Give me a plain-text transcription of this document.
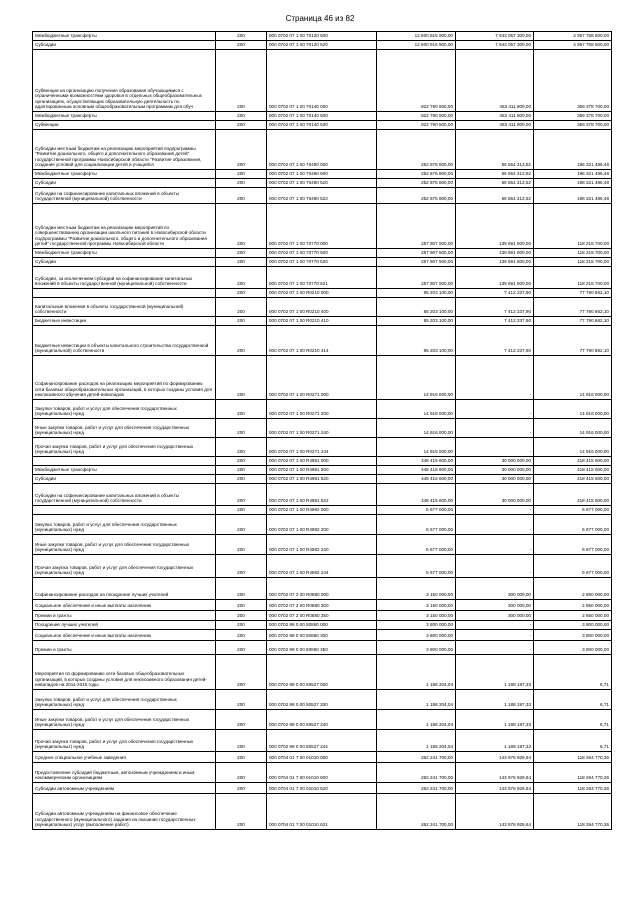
Страница 46 из 82
Межбюджетные трансферты	200	000 0702 07 1 00 70120 500	12 600 915 900,00	7 643 057 300,00	4 957 758 600,00
Субсидии	200	000 0702 07 1 00 70120 520	12 600 915 900,00	7 643 057 300,00	4 957 758 600,00
Субвенции на организацию получения образования обучающимися с ограниченными возможностями здоровья в отдельных общеобразовательных организациях, осуществляющих образовательную деятельность по адаптированным основным общеобразовательным программам для обуч	200	000 0702 07 1 00 70140 000	822 790 500,00	463 411 800,00	359 378 700,00
Межбюджетные трансферты	200	000 0702 07 1 00 70140 500	822 790 500,00	463 411 800,00	359 378 700,00
Субвенции	200	000 0702 07 1 00 70140 530	822 790 500,00	463 411 800,00	359 378 700,00
Субсидии местным бюджетам на реализацию мероприятий подпрограммы "Развитие дошкольного, общего и дополнительного образования детей" государственной программы Новосибирской области "Развитие образования, создание условий для социализации детей и учащейся	200	000 0702 07 1 00 70490 000	252 875 800,00	56 554 313,52	196 321 486,48
Межбюджетные трансферты	200	000 0702 07 1 00 70490 500	252 875 800,00	56 554 313,52	196 321 486,48
Субсидии	200	000 0702 07 1 00 70490 520	252 875 800,00	56 554 313,52	196 321 486,48
Субсидии на софинансирование капитальных вложений в объекты государственной (муниципальной) собственности	200	000 0702 07 1 00 70490 522	252 875 800,00	56 554 313,52	196 321 486,48
Субсидии местным бюджетам на реализацию мероприятий по совершенствованию организации школьного питания в Новосибирской области подпрограммы "Развитие дошкольного, общего и дополнительного образования детей" государственной программы Новосибирской области	200	000 0702 07 1 00 70770 000	257 907 500,00	139 691 800,00	118 215 700,00
Межбюджетные трансферты	200	000 0702 07 1 00 70770 500	257 907 500,00	139 691 800,00	118 215 700,00
Субсидии	200	000 0702 07 1 00 70770 520	257 907 500,00	139 691 800,00	118 215 700,00
Субсидии, за исключением субсидий на софинансирование капитальных вложений в объекты государственной (муниципальной) собственности	200	000 0702 07 1 00 70770 521	257 907 500,00	139 691 800,00	118 215 700,00
	200	000 0702 07 1 00 R0210 000	85 203 100,00	7 412 237,90	77 790 862,10
Капитальные вложения в объекты государственной (муниципальной) собственности	200	000 0702 07 1 00 R0210 400	85 203 100,00	7 412 237,90	77 790 862,10
Бюджетные инвестиции	200	000 0702 07 1 00 R0210 410	85 203 100,00	7 412 237,90	77 790 862,10
Бюджетные инвестиции в объекты капитального строительства государственной (муниципальной) собственности	200	000 0702 07 1 00 R0210 414	85 203 100,00	7 412 237,90	77 790 862,10
Софинансирование расходов на реализацию мероприятий по формированию сети базовых общеобразовательных организаций, в которых созданы условия для инклюзивного обучения детей-инвалидов	200	000 0702 07 1 00 R0271 000	14 916 000,00	-	14 916 000,00
Закупка товаров, работ и услуг для обеспечения государственных (муниципальных) нужд	200	000 0702 07 1 00 R0271 200	14 916 000,00	-	14 916 000,00
Иные закупки товаров, работ и услуг для обеспечения государственных (муниципальных) нужд	200	000 0702 07 1 00 R0271 240	14 916 000,00	-	14 916 000,00
Прочая закупка товаров, работ и услуг для обеспечения государственных (муниципальных) нужд	200	000 0702 07 1 00 R0271 244	14 916 000,00	-	14 916 000,00
	200	000 0702 07 1 00 R4981 000	448 415 600,00	30 000 000,00	418 415 600,00
Межбюджетные трансферты	200	000 0702 07 1 00 R4981 500	448 415 600,00	30 000 000,00	418 415 600,00
Субсидии	200	000 0702 07 1 00 R4981 520	448 415 600,00	30 000 000,00	418 415 600,00
Субсидии на софинансирование капитальных вложений в объекты государственной (муниципальной) собственности	200	000 0702 07 1 00 R4981 522	448 415 600,00	30 000 000,00	418 415 600,00
	200	000 0702 07 1 00 R4982 000	5 677 000,00	-	5 677 000,00
Закупка товаров, работ и услуг для обеспечения государственных (муниципальных) нужд	200	000 0702 07 1 00 R4982 200	5 677 000,00	-	5 677 000,00
Иные закупки товаров, работ и услуг для обеспечения государственных (муниципальных) нужд	200	000 0702 07 1 00 R4982 240	5 677 000,00	-	5 677 000,00
Прочая закупка товаров, работ и услуг для обеспечения государственных (муниципальных) нужд	200	000 0702 07 1 00 R4982 244	5 677 000,00	-	5 677 000,00
Софинансирование расходов на поощрение лучших учителей	200	000 0702 07 2 00 R0880 000	3 150 000,00	300 000,00	2 850 000,00
Социальное обеспечение и иные выплаты населению	200	000 0702 07 2 00 R0880 300	3 150 000,00	300 000,00	2 850 000,00
Премии и гранты	200	000 0702 07 2 00 R0880 350	3 150 000,00	300 000,00	2 850 000,00
Поощрение лучших учителей	200	000 0702 99 0 00 50860 000	3 800 000,00	-	3 800 000,00
Социальное обеспечение и иные выплаты населению	200	000 0702 99 0 00 50860 300	3 800 000,00	-	3 800 000,00
Премии и гранты	200	000 0702 99 0 00 50860 350	3 800 000,00	-	3 800 000,00
Мероприятия по формированию сети базовых общеобразовательных организаций, в которых созданы условия для инклюзивного образования детей-инвалидов на 2011-2015 годы	200	000 0702 99 0 00 50527 000	1 188 204,04	1 188 197,33	6,71
Закупка товаров, работ и услуг для обеспечения государственных (муниципальных) нужд	200	000 0702 99 0 00 50527 200	1 188 204,04	1 188 197,33	6,71
Иные закупки товаров, работ и услуг для обеспечения государственных (муниципальных) нужд	200	000 0702 99 0 00 50527 240	1 188 204,04	1 188 197,33	6,71
Прочая закупка товаров, работ и услуг для обеспечения государственных (муниципальных) нужд	200	000 0702 99 0 00 50527 244	1 188 204,04	1 188 197,33	6,71
Среднее специальное учебные заведения	200	000 0704 01 7 00 01010 000	262 241 700,00	143 976 929,64	118 264 770,36
Предоставление субсидий бюджетным, автономным учреждениям и иным некоммерческим организациям	200	000 0704 01 7 00 01010 600	262 241 700,00	143 976 929,64	118 264 770,36
Субсидии автономным учреждениям	200	000 0704 01 7 00 01010 620	262 241 700,00	143 976 929,64	118 264 770,36
Субсидии автономным учреждениям на финансовое обеспечение государственного (муниципального) задания на оказание государственных (муниципальных) услуг (выполнение работ)	200	000 0704 01 7 00 01010 621	262 241 700,00	143 976 929,64	118 264 770,36
